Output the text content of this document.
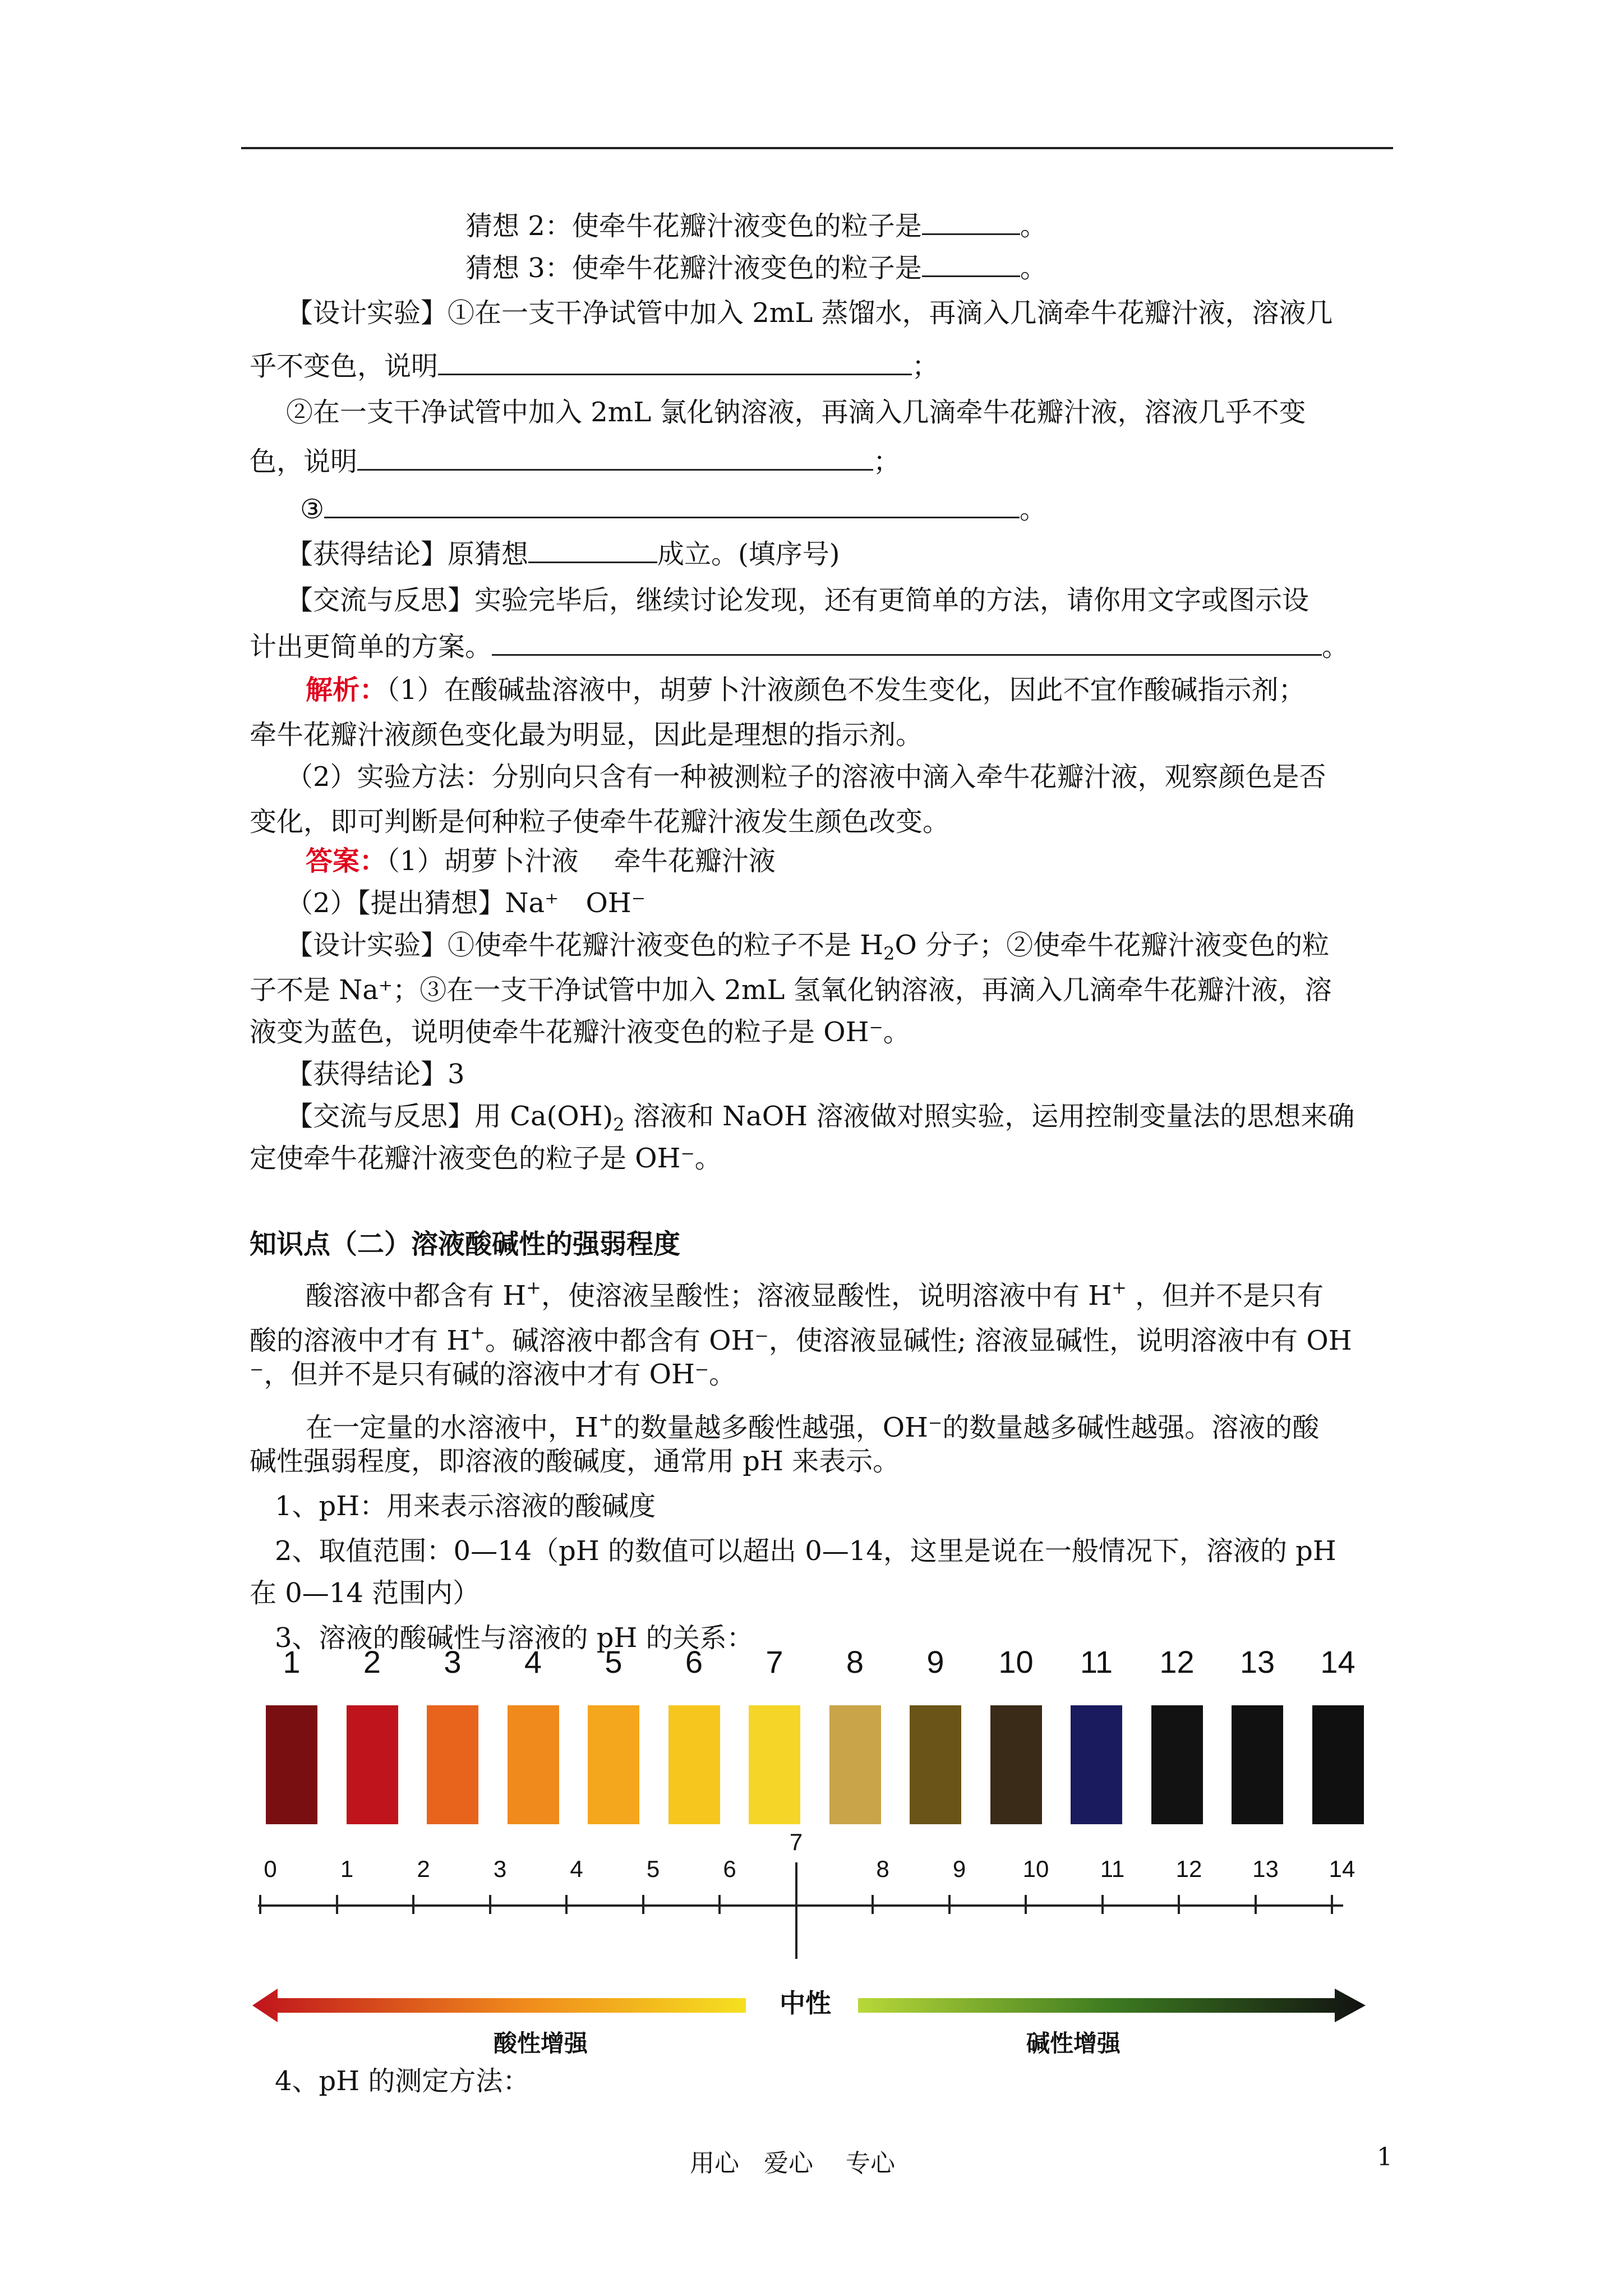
猜想 2：使牵牛花瓣汁液变色的粒子是	。
猜想 3：使牵牛花瓣汁液变色的粒子是	。
【设计实验】①在一支干净试管中加入 2mL 蒸馏水，再滴入几滴牵牛花瓣汁液，溶液几
乎不变色，说明	；
②在一支干净试管中加入 2mL 氯化钠溶液，再滴入几滴牵牛花瓣汁液，溶液几乎不变
色，说明	；
③	。
【获得结论】原猜想	成立。(填序号)
【交流与反思】实验完毕后，继续讨论发现，还有更简单的方法，请你用文字或图示设
计出更简单的方案。	。
解析：（1）在酸碱盐溶液中，胡萝卜汁液颜色不发生变化，因此不宜作酸碱指示剂；
牵牛花瓣汁液颜色变化最为明显，因此是理想的指示剂。
（2）实验方法：分别向只含有一种被测粒子的溶液中滴入牵牛花瓣汁液，观察颜色是否
变化，即可判断是何种粒子使牵牛花瓣汁液发生颜色改变。
答案：（1）胡萝卜汁液　 牵牛花瓣汁液
（2）【提出猜想】Na⁺　OH⁻
【设计实验】①使牵牛花瓣汁液变色的粒子不是 $H_2O$ 分子；②使牵牛花瓣汁液变色的粒
子不是 Na⁺；③在一支干净试管中加入 2mL 氢氧化钠溶液，再滴入几滴牵牛花瓣汁液，溶
液变为蓝色，说明使牵牛花瓣汁液变色的粒子是 OH⁻。
【获得结论】3
【交流与反思】用 $Ca(OH)_2$ 溶液和 NaOH 溶液做对照实验，运用控制变量法的思想来确
定使牵牛花瓣汁液变色的粒子是 OH⁻。
知识点（二）溶液酸碱性的强弱程度
酸溶液中都含有 H+，使溶液呈酸性；溶液显酸性，说明溶液中有 H+ ，但并不是只有
酸的溶液中才有 H+。碱溶液中都含有 OH⁻，使溶液显碱性; 溶液显碱性，说明溶液中有 OH
⁻，但并不是只有碱的溶液中才有 OH⁻。
在一定量的水溶液中，H+的数量越多酸性越强，OH⁻的数量越多碱性越强。溶液的酸
碱性强弱程度，即溶液的酸碱度，通常用 pH 来表示。
1、pH：用来表示溶液的酸碱度
2、取值范围：0—14（pH 的数值可以超出 0—14，这里是说在一般情况下，溶液的 pH
在 0—14 范围内）
3、溶液的酸碱性与溶液的 pH 的关系：
中性
酸性增强	碱性增强
1	2	3	4	5	6	7	8	9	10 11 12 13 14
0	1	2	3	4	5	6
7
8	9	10	11	12	13	14
4、pH 的测定方法：
用心　爱心　 专心	1
